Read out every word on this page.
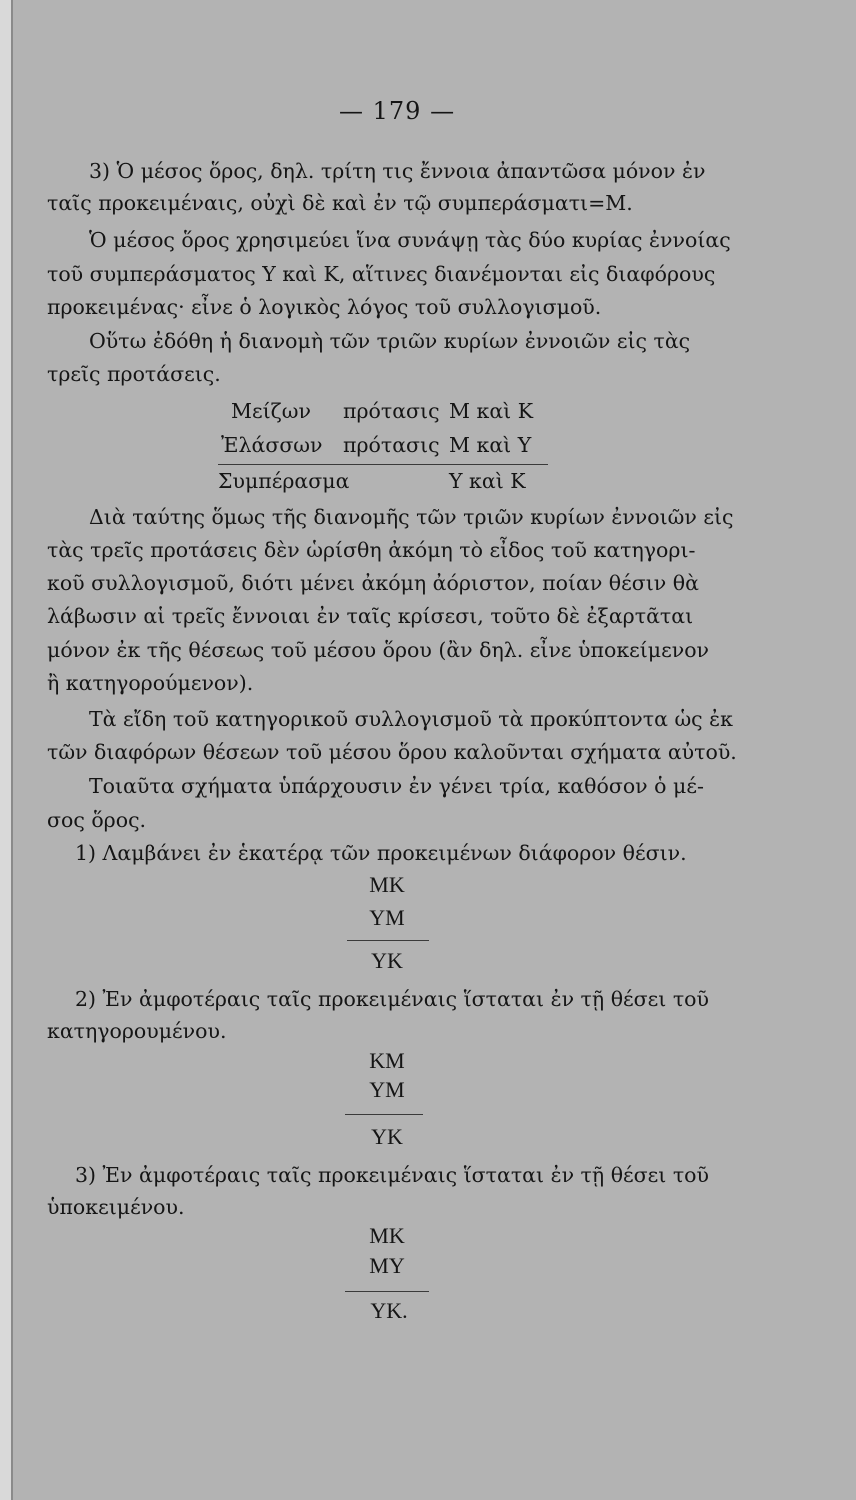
— 179 —
3) Ὁ μέσος ὅρος, δηλ. τρίτη τις ἔννοια ἀπαντῶσα μόνον ἐν
ταῖς προκειμέναις, οὐχὶ δὲ καὶ ἐν τῷ συμπεράσματι=Μ.
Ὁ μέσος ὅρος χρησιμεύει ἵνα συνάψῃ τὰς δύο κυρίας ἐννοίας
τοῦ συμπεράσματος Υ καὶ Κ, αἵτινες διανέμονται εἰς διαφόρους
προκειμένας· εἶνε ὁ λογικὸς λόγος τοῦ συλλογισμοῦ.
Οὕτω ἐδόθη ἡ διανομὴ τῶν τριῶν κυρίων ἐννοιῶν εἰς τὰς
τρεῖς προτάσεις.
Μείζων πρότασις Μ καὶ Κ
Ἐλάσσων πρότασις Μ καὶ Υ
Συμπέρασμα	Υ καὶ Κ
Διὰ ταύτης ὅμως τῆς διανομῆς τῶν τριῶν κυρίων ἐννοιῶν εἰς
τὰς τρεῖς προτάσεις δὲν ὡρίσθη ἀκόμη τὸ εἶδος τοῦ κατηγορι-
κοῦ συλλογισμοῦ, διότι μένει ἀκόμη ἀόριστον, ποίαν θέσιν θὰ
λάβωσιν αἱ τρεῖς ἔννοιαι ἐν ταῖς κρίσεσι, τοῦτο δὲ ἐξαρτᾶται
μόνον ἐκ τῆς θέσεως τοῦ μέσου ὅρου (ἂν δηλ. εἶνε ὑποκείμενον
ἢ κατηγορούμενον).
Τὰ εἴδη τοῦ κατηγορικοῦ συλλογισμοῦ τὰ προκύπτοντα ὡς ἐκ
τῶν διαφόρων θέσεων τοῦ μέσου ὅρου καλοῦνται σχήματα αὐτοῦ.
Τοιαῦτα σχήματα ὑπάρχουσιν ἐν γένει τρία, καθόσον ὁ μέ-
σος ὅρος.
1) Λαμβάνει ἐν ἑκατέρᾳ τῶν προκειμένων διάφορον θέσιν.
ΜΚ
ΥΜ
ΥΚ
2) Ἐν ἀμφοτέραις ταῖς προκειμέναις ἵσταται ἐν τῇ θέσει τοῦ
κατηγορουμένου.
ΚΜ
ΥΜ
ΥΚ
3) Ἐν ἀμφοτέραις ταῖς προκειμέναις ἵσταται ἐν τῇ θέσει τοῦ
ὑποκειμένου.
ΜΚ
ΜΥ
ΥΚ.
